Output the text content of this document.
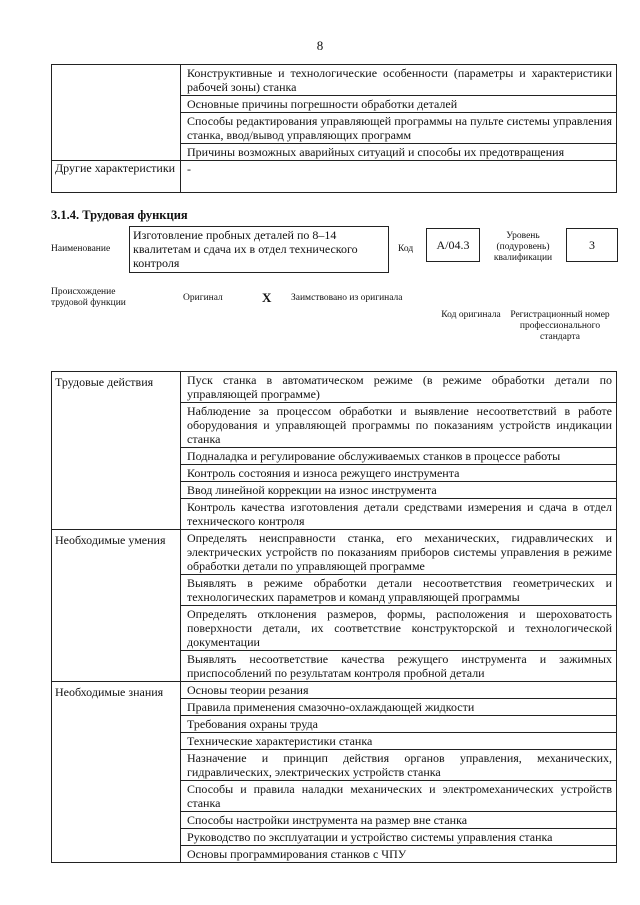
8
	Конструктивные и технологические особенности (параметры и характеристики рабочей зоны) станка
	Основные причины погрешности обработки деталей
	Способы редактирования управляющей программы на пульте системы управления станка, ввод/вывод управляющих программ
	Причины возможных аварийных ситуаций и способы их предотвращения
Другие характеристики	-
3.1.4. Трудовая функция
Наименование
Изготовление пробных деталей по 8–14 квалитетам и сдача их в отдел технического контроля
Код	A/04.3
Уровень (подуровень) квалификации
3
Происхождение трудовой функции	Оригинал	X Заимствовано из оригинала
Код оригинала Регистрационный номер профессионального стандарта
Трудовые действия	Пуск станка в автоматическом режиме (в режиме обработки детали по управляющей программе)
	Наблюдение за процессом обработки и выявление несоответствий в работе оборудования и управляющей программы по показаниям устройств индикации станка
	Подналадка и регулирование обслуживаемых станков в процессе работы
	Контроль состояния и износа режущего инструмента
	Ввод линейной коррекции на износ инструмента
	Контроль качества изготовления детали средствами измерения и сдача в отдел технического контроля
Необходимые умения	Определять неисправности станка, его механических, гидравлических и электрических устройств по показаниям приборов системы управления в режиме обработки детали по управляющей программе
	Выявлять в режиме обработки детали несоответствия геометрических и технологических параметров и команд управляющей программы
	Определять отклонения размеров, формы, расположения и шероховатость поверхности детали, их соответствие конструкторской и технологической документации
	Выявлять несоответствие качества режущего инструмента и зажимных приспособлений по результатам контроля пробной детали
Необходимые знания	Основы теории резания
	Правила применения смазочно-охлаждающей жидкости
	Требования охраны труда
	Технические характеристики станка
	Назначение и принцип действия органов управления, механических, гидравлических, электрических устройств станка
	Способы и правила наладки механических и электромеханических устройств станка
	Способы настройки инструмента на размер вне станка
	Руководство по эксплуатации и устройство системы управления станка
	Основы программирования станков с ЧПУ
